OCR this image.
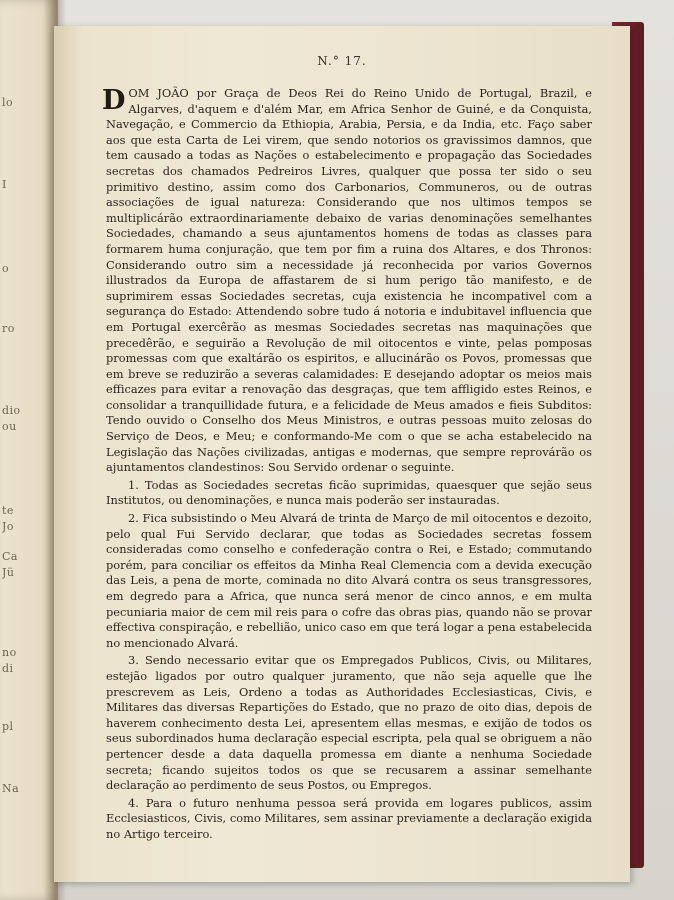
lo
I
o
ro
dio
ou
te
Jo
Ca
Jü
no
di
pl
Na
N.° 17.

DOM JOÃO por Graça de Deos Rei do Reino Unido de Portugal, Brazil, e Algarves, d'aquem e d'além Mar, em Africa Senhor de Guiné, e da Conquista, Navegação, e Commercio da Ethiopia, Arabia, Persia, e da India, etc. Faço saber aos que esta Carta de Lei virem, que sendo notorios os gravissimos damnos, que tem causado a todas as Nações o estabelecimento e propagação das Sociedades secretas dos chamados Pedreiros Livres, qualquer que possa ter sido o seu primitivo destino, assim como dos Carbonarios, Communeros, ou de outras associações de igual natureza: Considerando que nos ultimos tempos se multiplicárão extraordinariamente debaixo de varias denominações semelhantes Sociedades, chamando a seus ajuntamentos homens de todas as classes para formarem huma conjuração, que tem por fim a ruina dos Altares, e dos Thronos: Considerando outro sim a necessidade já reconhecida por varios Governos illustrados da Europa de affastarem de si hum perigo tão manifesto, e de suprimirem essas Sociedades secretas, cuja existencia he incompativel com a segurança do Estado: Attendendo sobre tudo á notoria e indubitavel influencia que em Portugal exercêrão as mesmas Sociedades secretas nas maquinações que precedêrão, e seguirão a Revolução de mil oitocentos e vinte, pelas pomposas promessas com que exaltárão os espiritos, e allucinárão os Povos, promessas que em breve se reduzirão a severas calamidades: E desejando adoptar os meios mais efficazes para evitar a renovação das desgraças, que tem affligido estes Reinos, e consolidar a tranquillidade futura, e a felicidade de Meus amados e fieis Subditos: Tendo ouvido o Conselho dos Meus Ministros, e outras pessoas muito zelosas do Serviço de Deos, e Meu; e conformando-Me com o que se acha estabelecido na Legislação das Nações civilizadas, antigas e modernas, que sempre reprovárão os ajuntamentos clandestinos: Sou Servido ordenar o seguinte.

1. Todas as Sociedades secretas ficão suprimidas, quaesquer que sejão seus Institutos, ou denominações, e nunca mais poderão ser instauradas.

2. Fica subsistindo o Meu Alvará de trinta de Março de mil oitocentos e dezoito, pelo qual Fui Servido declarar, que todas as Sociedades secretas fossem consideradas como conselho e confederação contra o Rei, e Estado; commutando porém, para conciliar os effeitos da Minha Real Clemencia com a devida execução das Leis, a pena de morte, cominada no dito Alvará contra os seus transgressores, em degredo para a Africa, que nunca será menor de cinco annos, e em multa pecuniaria maior de cem mil reis para o cofre das obras pias, quando não se provar effectiva conspiração, e rebellião, unico caso em que terá logar a pena estabelecida no mencionado Alvará.

3. Sendo necessario evitar que os Empregados Publicos, Civis, ou Militares, estejão ligados por outro qualquer juramento, que não seja aquelle que lhe prescrevem as Leis, Ordeno a todas as Authoridades Ecclesiasticas, Civis, e Militares das diversas Repartições do Estado, que no prazo de oito dias, depois de haverem conhecimento desta Lei, apresentem ellas mesmas, e exijão de todos os seus subordinados huma declaração especial escripta, pela qual se obriguem a não pertencer desde a data daquella promessa em diante a nenhuma Sociedade secreta; ficando sujeitos todos os que se recusarem a assinar semelhante declaração ao perdimento de seus Postos, ou Empregos.

4. Para o futuro nenhuma pessoa será provida em logares publicos, assim Ecclesiasticos, Civis, como Militares, sem assinar previamente a declaração exigida no Artigo terceiro.
